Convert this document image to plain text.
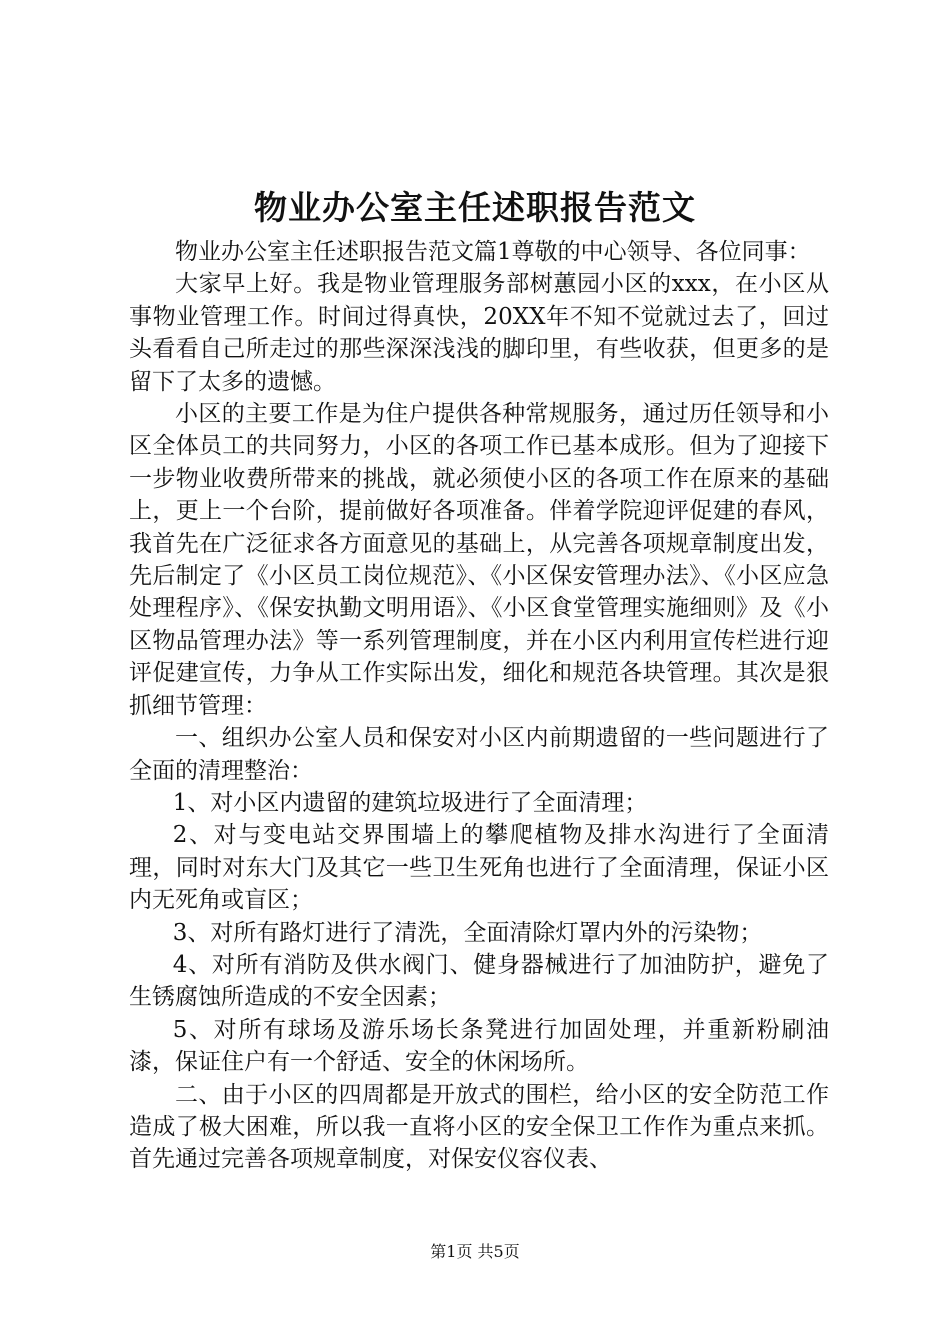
物业办公室主任述职报告范文

物业办公室主任述职报告范文篇1尊敬的中心领导、各位同事：

大家早上好。我是物业管理服务部树蕙园小区的xxx，在小区从事物业管理工作。时间过得真快，20XX年不知不觉就过去了，回过头看看自己所走过的那些深深浅浅的脚印里，有些收获，但更多的是留下了太多的遗憾。

小区的主要工作是为住户提供各种常规服务，通过历任领导和小区全体员工的共同努力，小区的各项工作已基本成形。但为了迎接下一步物业收费所带来的挑战，就必须使小区的各项工作在原来的基础上，更上一个台阶，提前做好各项准备。伴着学院迎评促建的春风，我首先在广泛征求各方面意见的基础上，从完善各项规章制度出发，先后制定了《小区员工岗位规范》、《小区保安管理办法》、《小区应急处理程序》、《保安执勤文明用语》、《小区食堂管理实施细则》及《小区物品管理办法》等一系列管理制度，并在小区内利用宣传栏进行迎评促建宣传，力争从工作实际出发，细化和规范各块管理。其次是狠抓细节管理：

一、组织办公室人员和保安对小区内前期遗留的一些问题进行了全面的清理整治：

1、对小区内遗留的建筑垃圾进行了全面清理；

2、对与变电站交界围墙上的攀爬植物及排水沟进行了全面清理，同时对东大门及其它一些卫生死角也进行了全面清理，保证小区内无死角或盲区；

3、对所有路灯进行了清洗，全面清除灯罩内外的污染物；

4、对所有消防及供水阀门、健身器械进行了加油防护，避免了生锈腐蚀所造成的不安全因素；

5、对所有球场及游乐场长条凳进行加固处理，并重新粉刷油漆，保证住户有一个舒适、安全的休闲场所。

二、由于小区的四周都是开放式的围栏，给小区的安全防范工作造成了极大困难，所以我一直将小区的安全保卫工作作为重点来抓。首先通过完善各项规章制度，对保安仪容仪表、

第1页 共5页
